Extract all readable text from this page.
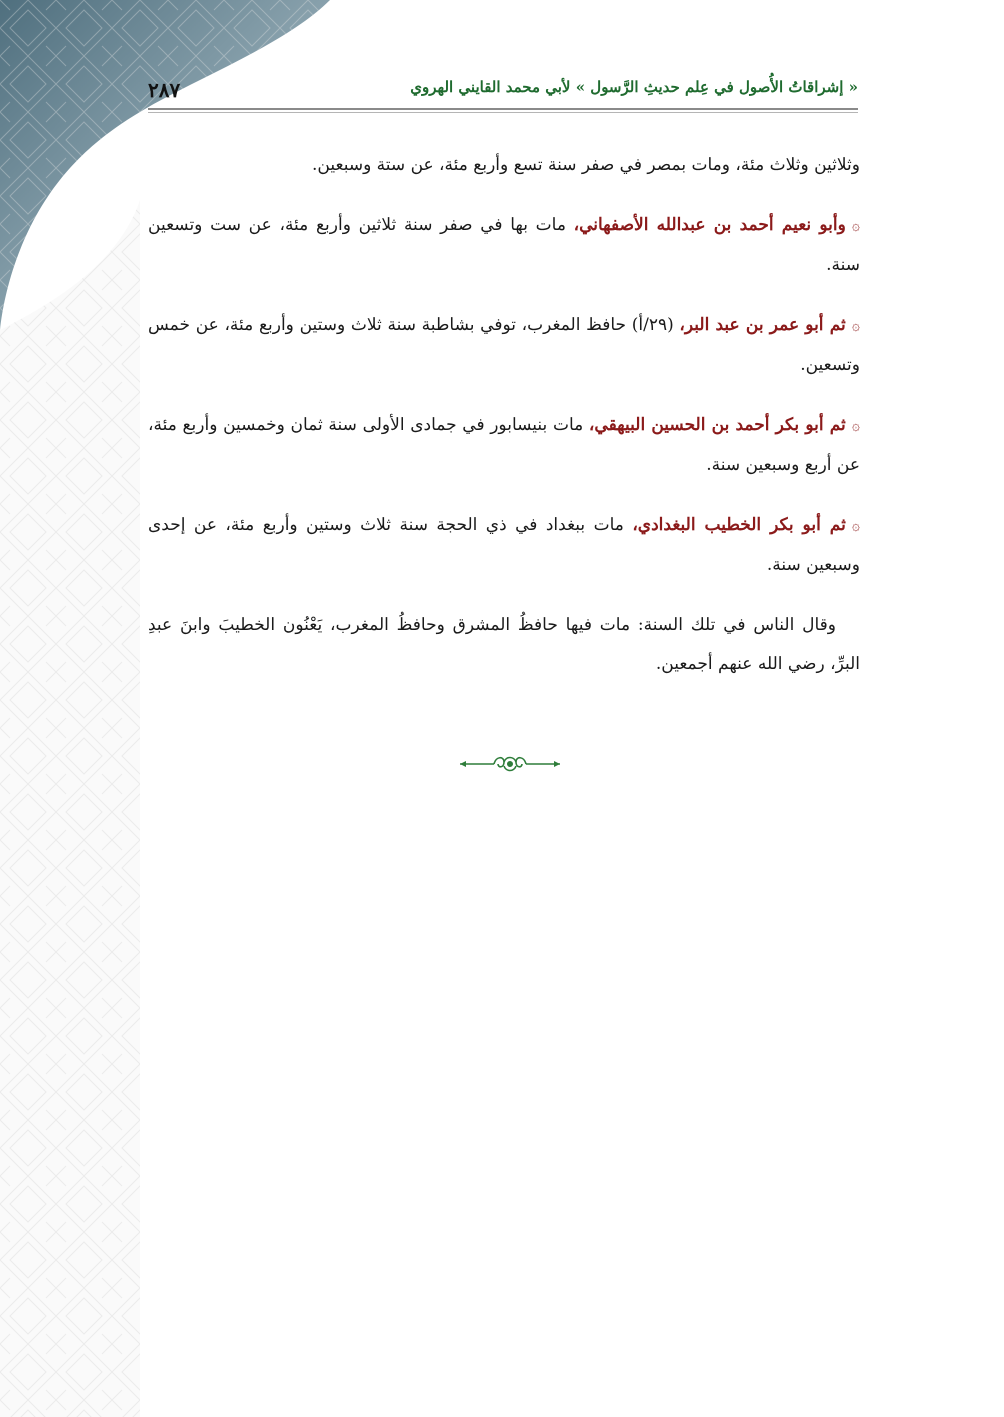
٢٨٧	« إشراقاتُ الأُصول في عِلم حديثِ الرَّسول » لأبي محمد القايني الهروي

وثلاثين وثلاث مئة، ومات بمصر في صفر سنة تسع وأربع مئة، عن ستة وسبعين.

۞وأبو نعيم أحمد بن عبدالله الأصفهاني، مات بها في صفر سنة ثلاثين وأربع مئة، عن ست وتسعين سنة.

۞ثم أبو عمر بن عبد البر، (٢٩/أ) حافظ المغرب، توفي بشاطبة سنة ثلاث وستين وأربع مئة، عن خمس وتسعين.

۞ثم أبو بكر أحمد بن الحسين البيهقي، مات بنيسابور في جمادى الأولى سنة ثمان وخمسين وأربع مئة، عن أربع وسبعين سنة.

۞ثم أبو بكر الخطيب البغدادي، مات ببغداد في ذي الحجة سنة ثلاث وستين وأربع مئة، عن إحدى وسبعين سنة.

وقال الناس في تلك السنة: مات فيها حافظُ المشرق وحافظُ المغرب، يَعْنُون الخطيبَ وابنَ عبدِ البرِّ، رضي الله عنهم أجمعين.
